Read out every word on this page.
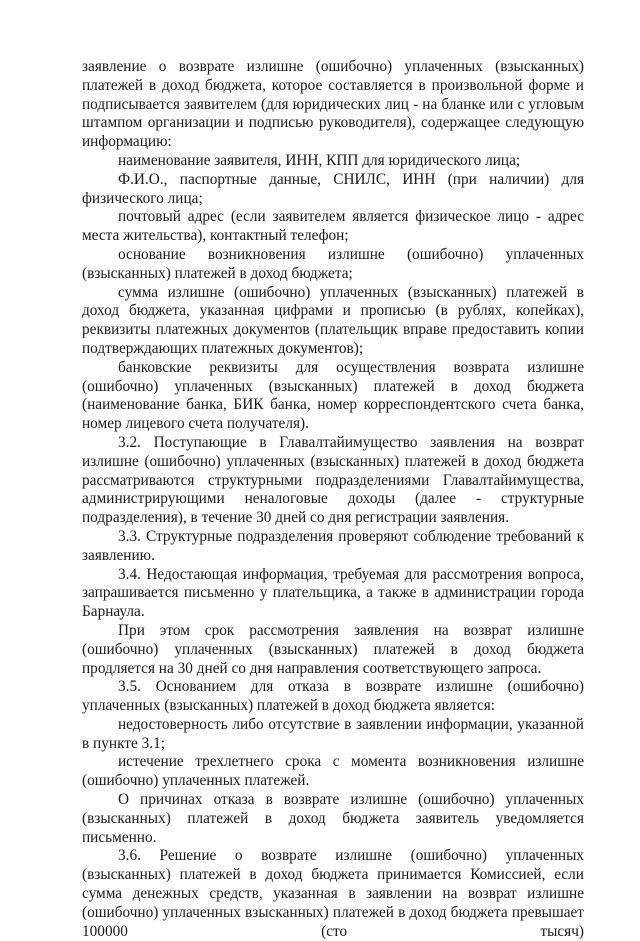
заявление о возврате излишне (ошибочно) уплаченных (взысканных) платежей в доход бюджета, которое составляется в произвольной форме и подписывается заявителем (для юридических лиц - на бланке или с угловым штампом организации и подписью руководителя), содержащее следующую информацию:

наименование заявителя, ИНН, КПП для юридического лица;

Ф.И.О., паспортные данные, СНИЛС, ИНН (при наличии) для физического лица;

почтовый адрес (если заявителем является физическое лицо - адрес места жительства), контактный телефон;

основание возникновения излишне (ошибочно) уплаченных (взысканных) платежей в доход бюджета;

сумма излишне (ошибочно) уплаченных (взысканных) платежей в доход бюджета, указанная цифрами и прописью (в рублях, копейках), реквизиты платежных документов (плательщик вправе предоставить копии подтверждающих платежных документов);

банковские реквизиты для осуществления возврата излишне (ошибочно) уплаченных (взысканных) платежей в доход бюджета (наименование банка, БИК банка, номер корреспондентского счета банка, номер лицевого счета получателя).

3.2. Поступающие в Главалтайимущество заявления на возврат излишне (ошибочно) уплаченных (взысканных) платежей в доход бюджета рассматриваются структурными подразделениями Главалтайимущества, администрирующими неналоговые доходы (далее - структурные подразделения), в течение 30 дней со дня регистрации заявления.

3.3. Структурные подразделения проверяют соблюдение требований к заявлению.

3.4. Недостающая информация, требуемая для рассмотрения вопроса, запрашивается письменно у плательщика, а также в администрации города Барнаула.

При этом срок рассмотрения заявления на возврат излишне (ошибочно) уплаченных (взысканных) платежей в доход бюджета продляется на 30 дней со дня направления соответствующего запроса.

3.5. Основанием для отказа в возврате излишне (ошибочно) уплаченных (взысканных) платежей в доход бюджета является:

недостоверность либо отсутствие в заявлении информации, указанной в пункте 3.1;

истечение трехлетнего срока с момента возникновения излишне (ошибочно) уплаченных платежей.

О причинах отказа в возврате излишне (ошибочно) уплаченных (взысканных) платежей в доход бюджета заявитель уведомляется письменно.

3.6. Решение о возврате излишне (ошибочно) уплаченных (взысканных) платежей в доход бюджета принимается Комиссией, если сумма денежных средств, указанная в заявлении на возврат излишне (ошибочно) уплаченных взысканных) платежей в доход бюджета превышает 100000 (сто тысяч)
